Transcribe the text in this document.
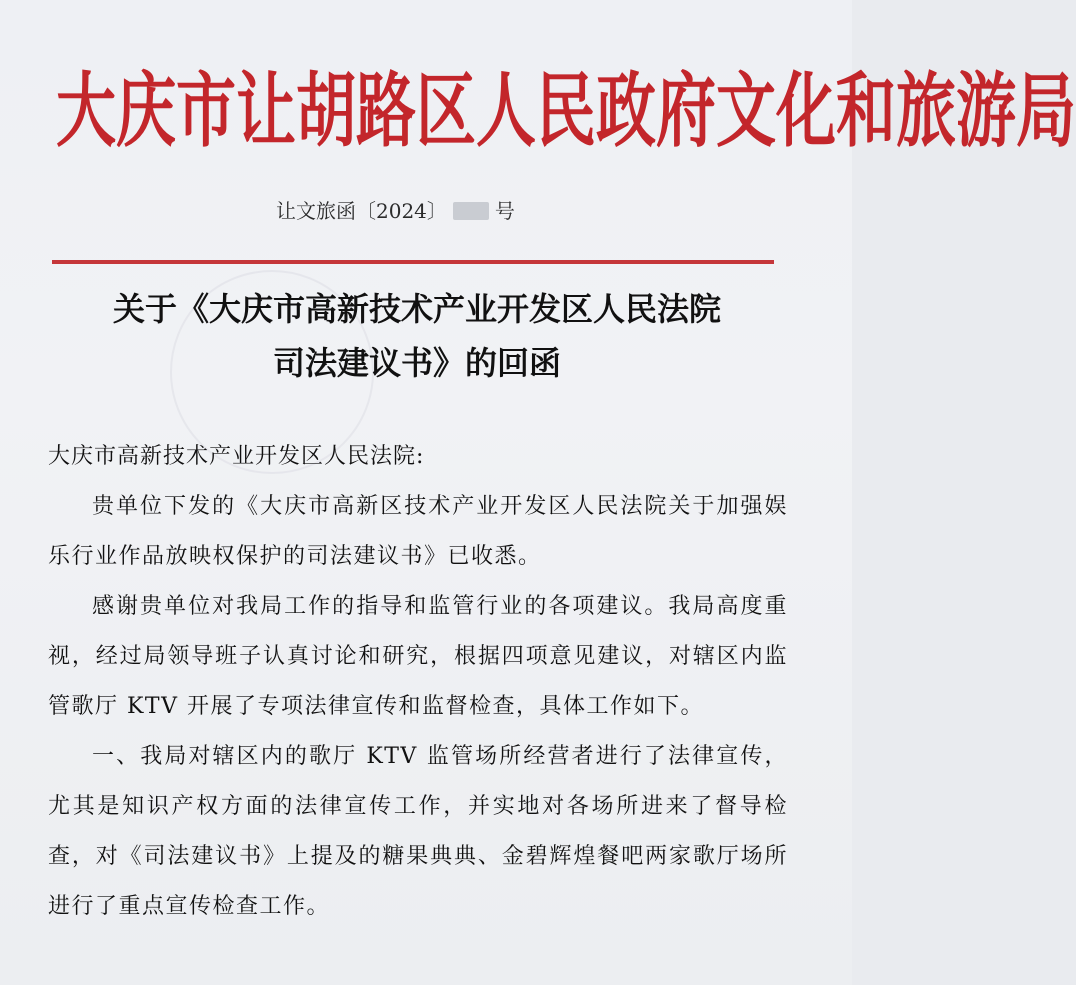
大庆市让胡路区人民政府文化和旅游局
让文旅函〔2024〕 号
关于《大庆市高新技术产业开发区人民法院
司法建议书》的回函

大庆市高新技术产业开发区人民法院:

贵单位下发的《大庆市高新区技术产业开发区人民法院关于加强娱乐行业作品放映权保护的司法建议书》已收悉。

感谢贵单位对我局工作的指导和监管行业的各项建议。我局高度重视，经过局领导班子认真讨论和研究，根据四项意见建议，对辖区内监管歌厅 KTV 开展了专项法律宣传和监督检查，具体工作如下。

一、我局对辖区内的歌厅 KTV 监管场所经营者进行了法律宣传， 尤其是知识产权方面的法律宣传工作，并实地对各场所进来了督导检查，对《司法建议书》上提及的糖果典典、金碧辉煌餐吧两家歌厅场所进行了重点宣传检查工作。
